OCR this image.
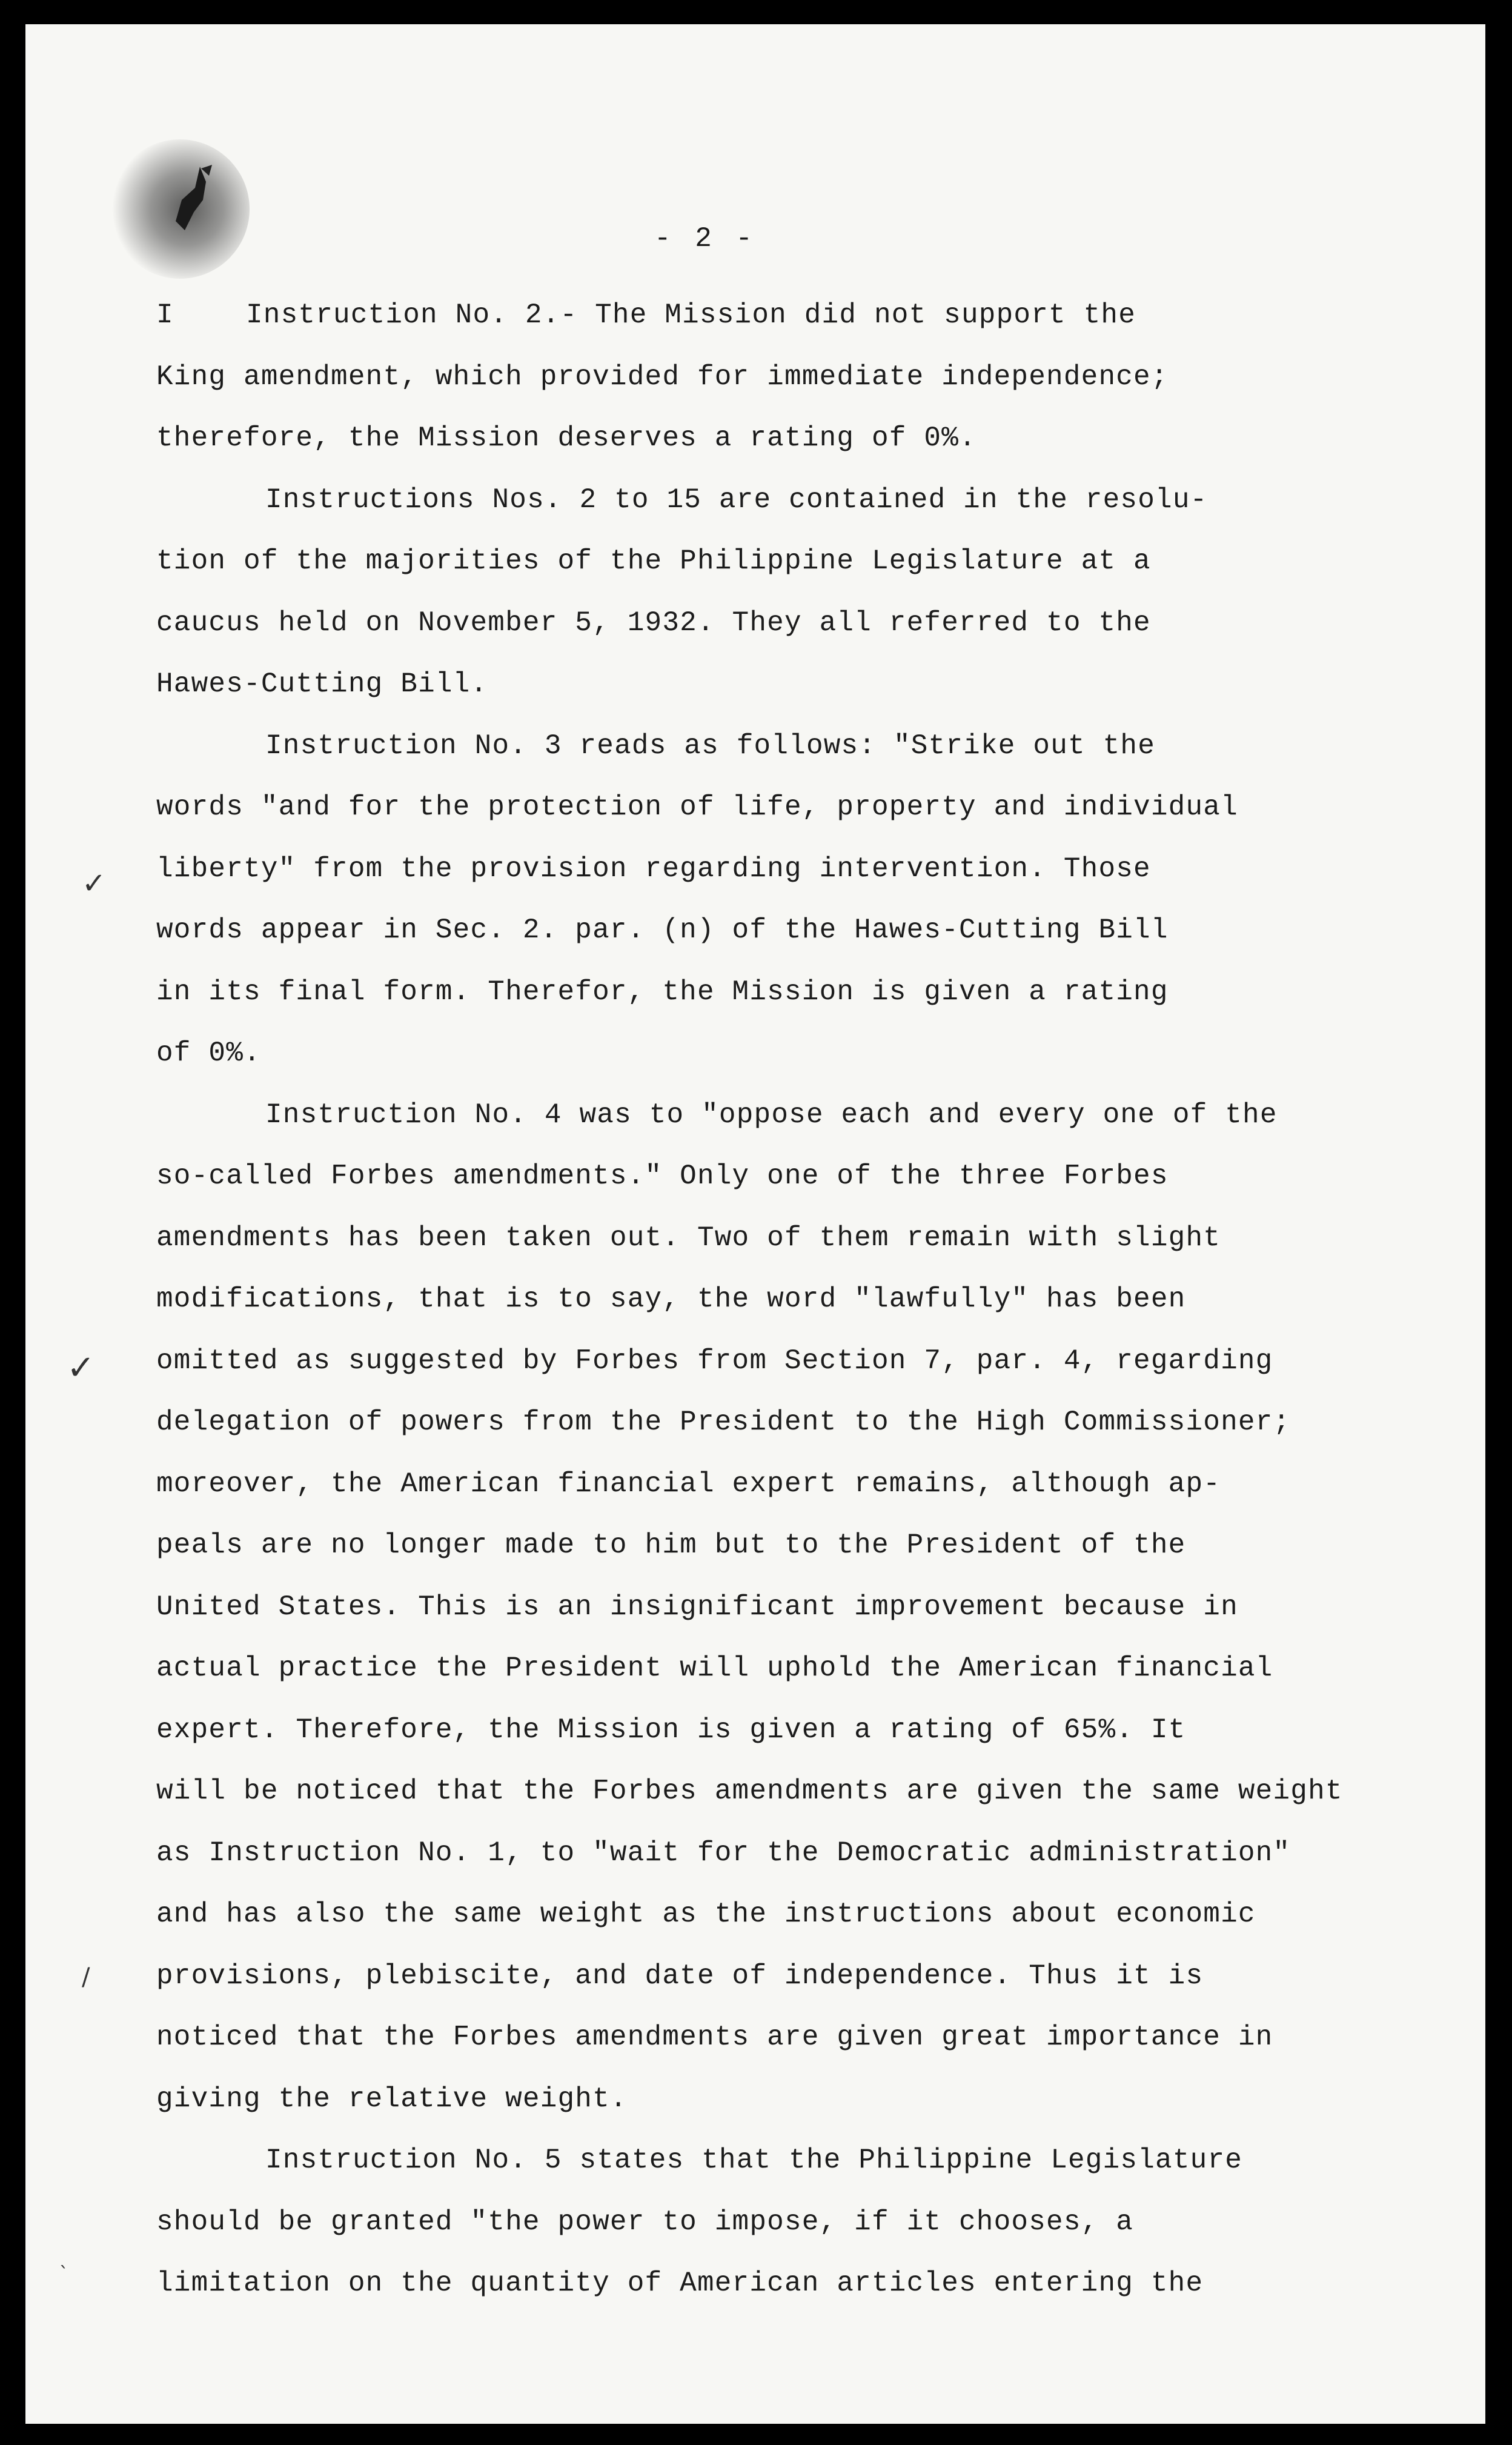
- 2 -
I	Instruction No. 2.- The Mission did not support the
King amendment, which provided for immediate independence;
therefore, the Mission deserves a rating of 0%.
Instructions Nos. 2 to 15 are contained in the resolu-
tion of the majorities of the Philippine Legislature at a
caucus held on November 5, 1932. They all referred to the
Hawes-Cutting Bill.
Instruction No. 3 reads as follows: "Strike out the
words "and for the protection of life, property and individual
liberty" from the provision regarding intervention. Those
words appear in Sec. 2. par. (n) of the Hawes-Cutting Bill
in its final form. Therefor, the Mission is given a rating
of 0%.
Instruction No. 4 was to "oppose each and every one of the
so-called Forbes amendments." Only one of the three Forbes
amendments has been taken out. Two of them remain with slight
modifications, that is to say, the word "lawfully" has been
omitted as suggested by Forbes from Section 7, par. 4, regarding
delegation of powers from the President to the High Commissioner;
moreover, the American financial expert remains, although ap-
peals are no longer made to him but to the President of the
United States. This is an insignificant improvement because in
actual practice the President will uphold the American financial
expert. Therefore, the Mission is given a rating of 65%. It
will be noticed that the Forbes amendments are given the same weight
as Instruction No. 1, to "wait for the Democratic administration"
and has also the same weight as the instructions about economic
provisions, plebiscite, and date of independence. Thus it is
noticed that the Forbes amendments are given great importance in
giving the relative weight.
Instruction No. 5 states that the Philippine Legislature
should be granted "the power to impose, if it chooses, a
limitation on the quantity of American articles entering the
✓
✓
/
`
